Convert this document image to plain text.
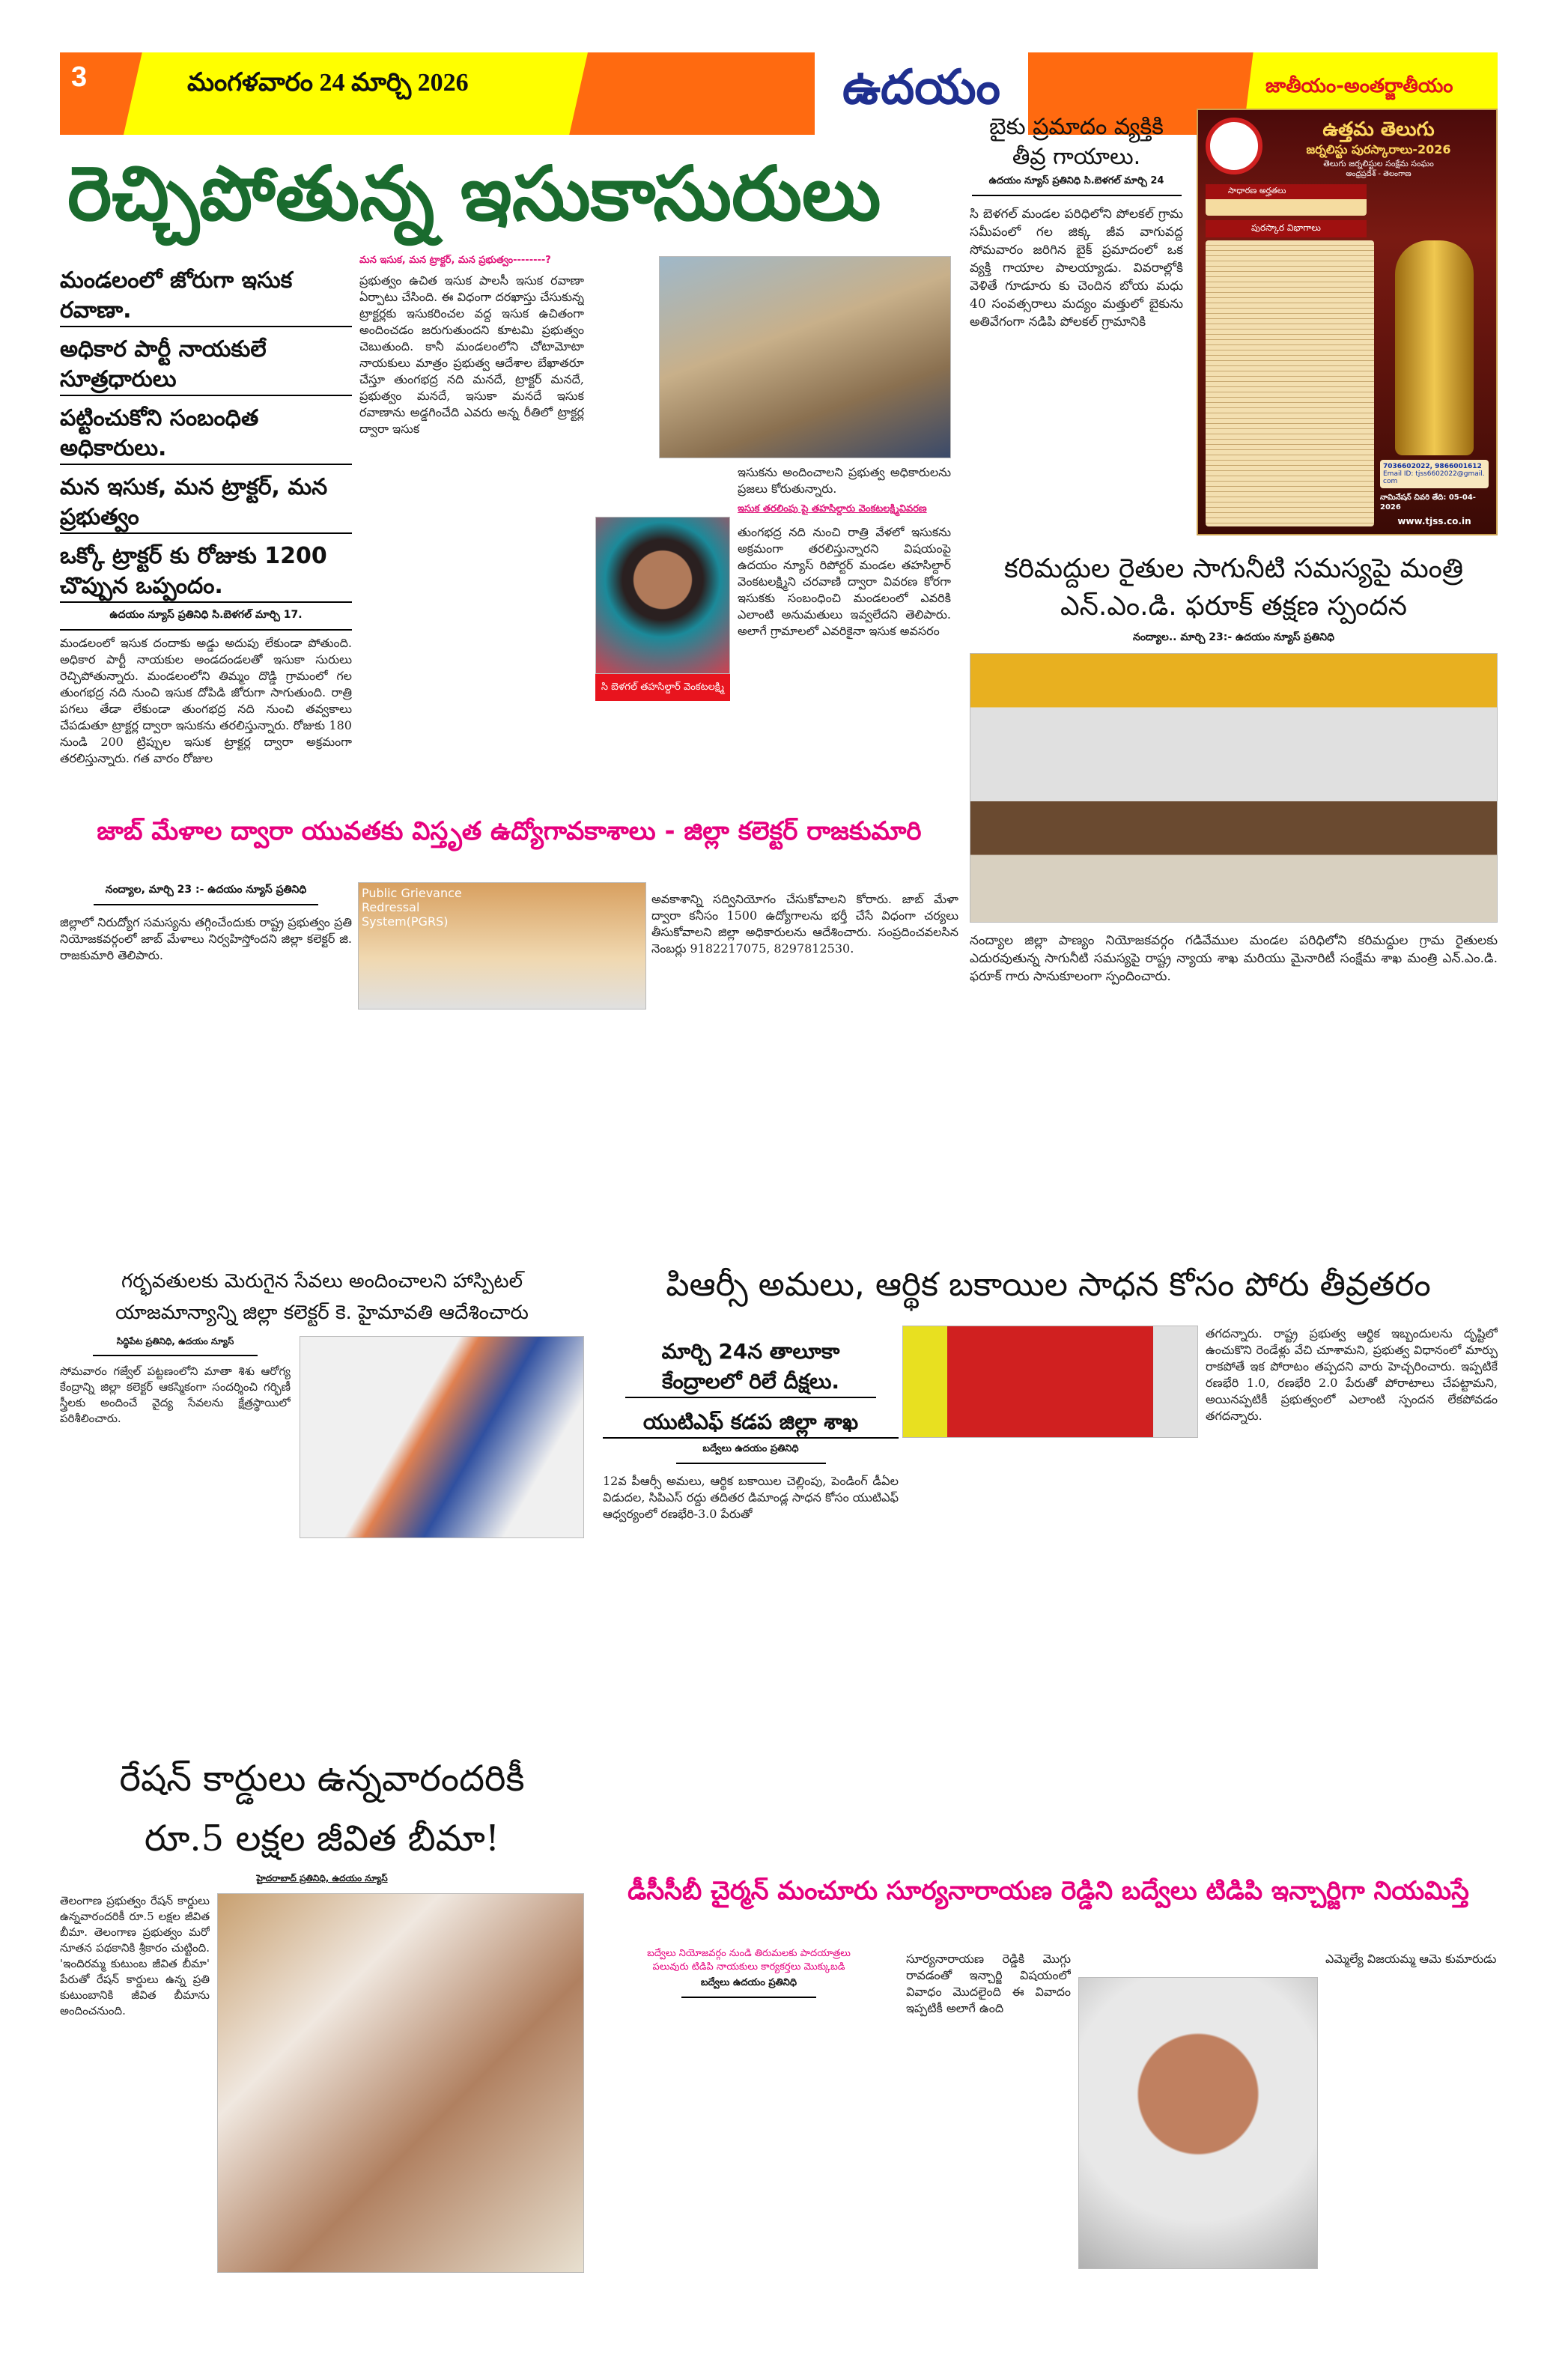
3	మంగళవారం 24 మార్చి 2026	ఉదయం	జాతీయం-అంతర్జాతీయం
రెచ్చిపోతున్న ఇసుకాసురులు
మండలంలో జోరుగా ఇసుక రవాణా.
అధికార పార్టీ నాయకులే సూత్రధారులు
పట్టించుకోని సంబంధిత అధికారులు.
మన ఇసుక, మన ట్రాక్టర్, మన ప్రభుత్వం
ఒక్కో ట్రాక్టర్ కు రోజుకు 1200 చొప్పున ఒప్పందం.
ఉదయం న్యూస్ ప్రతినిధి సి.బెళగల్ మార్చి 17.
మండలంలో ఇసుక దందాకు అడ్డు అదుపు లేకుండా పోతుంది. అధికార పార్టీ నాయకుల అండదండలతో ఇసుకా సురులు రెచ్చిపోతున్నారు. మండలంలోని తిమ్మం దొడ్డి గ్రామంలో గల తుంగభద్ర నది నుంచి ఇసుక దోపిడి జోరుగా సాగుతుంది. రాత్రి పగలు తేడా లేకుండా తుంగభద్ర నది నుంచి తవ్వకాలు చేపడుతూ ట్రాక్టర్ల ద్వారా ఇసుకను తరలిస్తున్నారు. రోజుకు 180 నుండి 200 ట్రిప్పుల ఇసుక ట్రాక్టర్ల ద్వారా అక్రమంగా తరలిస్తున్నారు. గత వారం రోజుల
మన ఇసుక, మన ట్రాక్టర్, మన ప్రభుత్వం--------?
ప్రభుత్వం ఉచిత ఇసుక పాలసీ ఇసుక రవాణా ఏర్పాటు చేసింది. ఈ విధంగా దరఖాస్తు చేసుకున్న ట్రాక్టర్లకు ఇసుకరించల వద్ద ఇసుక ఉచితంగా అందించడం జరుగుతుందని కూటమి ప్రభుత్వం చెబుతుంది. కానీ మండలంలోని చోటామోటా నాయకులు మాత్రం ప్రభుత్వ ఆదేశాల బేఖాతరూ చేస్తూ తుంగభద్ర నది మనదే, ట్రాక్టర్ మనదే, ప్రభుత్వం మనదే, ఇసుకా మనదే ఇసుక రవాణాను అడ్డగించేది ఎవరు అన్న రీతిలో ట్రాక్టర్ల ద్వారా ఇసుక
సి బెళగల్ తహసిల్దార్ వెంకటలక్ష్మి
ఇసుకను అందించాలని ప్రభుత్వ అధికారులను ప్రజలు కోరుతున్నారు.
ఇసుక తరలింపు పై తహసిల్దారు వెంకటలక్ష్మివివరణ
తుంగభద్ర నది నుంచి రాత్రి వేళలో ఇసుకను అక్రమంగా తరలిస్తున్నారని విషయంపై ఉదయం న్యూస్ రిపోర్టర్ మండల తహసిల్దార్ వెంకటలక్ష్మిని చరవాణి ద్వారా వివరణ కోరగా ఇసుకకు సంబంధించి మండలంలో ఎవరికి ఎలాంటి అనుమతులు ఇవ్వలేదని తెలిపారు. అలాగే గ్రామాలలో ఎవరికైనా ఇసుక అవసరం
బైకు ప్రమాదం వ్యక్తికి తీవ్ర గాయాలు.
ఉదయం న్యూస్ ప్రతినిధి సి.బెళగల్ మార్చి 24
సి బెళగల్ మండల పరిధిలోని పోలకల్ గ్రామ సమీపంలో గల జిక్క జీవ వాగువద్ద సోమవారం జరిగిన బైక్ ప్రమాదంలో ఒక వ్యక్తి గాయాల పాలయ్యాడు. వివరాల్లోకి వెళితే గూడూరు కు చెందిన బోయ మధు 40 సంవత్సరాలు మద్యం మత్తులో బైకును అతివేగంగా నడిపి పోలకల్ గ్రామానికి
ఉత్తమ తెలుగు
జర్నలిస్టు పురస్కారాలు-2026
తెలుగు జర్నలిస్టుల సంక్షేమ సంఘం
ఆంధ్రప్రదేశ్ - తెలంగాణ
సాధారణ అర్హతలు
పురస్కార విభాగాలు
7036602022, 9866001612
Email ID: tjss6602022@gmail.com
నామినేషన్ చివరి తేది: 05-04-2026
www.tjss.co.in
కరిమద్దుల రైతుల సాగునీటి సమస్యపై మంత్రి ఎన్.ఎం.డి. ఫరూక్ తక్షణ స్పందన
నంద్యాల.. మార్చి 23:- ఉదయం న్యూస్ ప్రతినిధి
నంద్యాల జిల్లా పాణ్యం నియోజకవర్గం గడివేముల మండల పరిధిలోని కరిమద్దుల గ్రామ రైతులకు ఎదురవుతున్న సాగునీటి సమస్యపై రాష్ట్ర న్యాయ శాఖ మరియు మైనారిటీ సంక్షేమ శాఖ మంత్రి ఎన్.ఎం.డి. ఫరూక్ గారు సానుకూలంగా స్పందించారు.
జాబ్ మేళాల ద్వారా యువతకు విస్తృత ఉద్యోగావకాశాలు - జిల్లా కలెక్టర్ రాజకుమారి
నంద్యాల, మార్చి 23 :- ఉదయం న్యూస్ ప్రతినిధి
జిల్లాలో నిరుద్యోగ సమస్యను తగ్గించేందుకు రాష్ట్ర ప్రభుత్వం ప్రతి నియోజకవర్గంలో జాబ్ మేళాలు నిర్వహిస్తోందని జిల్లా కలెక్టర్ జి. రాజకుమారి తెలిపారు.
Public Grievance Redressal System(PGRS)
అవకాశాన్ని సద్వినియోగం చేసుకోవాలని కోరారు. జాబ్ మేళా ద్వారా కనీసం 1500 ఉద్యోగాలను భర్తీ చేసే విధంగా చర్యలు తీసుకోవాలని జిల్లా అధికారులను ఆదేశించారు. సంప్రదించవలసిన నెంబర్లు 9182217075, 8297812530.
గర్భవతులకు మెరుగైన సేవలు అందించాలని హాస్పిటల్ యాజమాన్యాన్ని జిల్లా కలెక్టర్ కె. హైమావతి ఆదేశించారు
సిద్ధిపేట ప్రతినిధి, ఉదయం న్యూస్
సోమవారం గజ్వేల్ పట్టణంలోని మాతా శిశు ఆరోగ్య కేంద్రాన్ని జిల్లా కలెక్టర్ ఆకస్మికంగా సందర్శించి గర్భిణీ స్త్రీలకు అందించే వైద్య సేవలను క్షేత్రస్థాయిలో పరిశీలించారు.
పిఆర్సీ అమలు, ఆర్థిక బకాయిల సాధన కోసం పోరు తీవ్రతరం
మార్చి 24న తాలూకా కేంద్రాలలో రిలే దీక్షలు.
యుటిఎఫ్ కడప జిల్లా శాఖ
బద్వేలు ఉదయం ప్రతినిధి
12వ పీఆర్సీ అమలు, ఆర్థిక బకాయిల చెల్లింపు, పెండింగ్ డీఏల విడుదల, సిపిఎస్ రద్దు తదితర డిమాండ్ల సాధన కోసం యుటిఎఫ్ ఆధ్వర్యంలో రణభేరి-3.0 పేరుతో
తగదన్నారు. రాష్ట్ర ప్రభుత్వ ఆర్థిక ఇబ్బందులను దృష్టిలో ఉంచుకొని రెండేళ్లు వేచి చూశామని, ప్రభుత్వ విధానంలో మార్పు రాకపోతే ఇక పోరాటం తప్పదని వారు హెచ్చరించారు. ఇప్పటికే రణభేరి 1.0, రణభేరి 2.0 పేరుతో పోరాటాలు చేపట్టామని, అయినప్పటికీ ప్రభుత్వంలో ఎలాంటి స్పందన లేకపోవడం తగదన్నారు.
రేషన్ కార్డులు ఉన్నవారందరికీ రూ.5 లక్షల జీవిత బీమా!
హైదరాబాద్ ప్రతినిధి, ఉదయం న్యూస్
తెలంగాణ ప్రభుత్వం రేషన్ కార్డులు ఉన్నవారందరికీ రూ.5 లక్షల జీవిత బీమా. తెలంగాణ ప్రభుత్వం మరో నూతన పథకానికి శ్రీకారం చుట్టింది. 'ఇందిరమ్మ కుటుంబ జీవిత బీమా' పేరుతో రేషన్ కార్డులు ఉన్న ప్రతి కుటుంబానికి జీవిత బీమాను అందించనుంది.
డీసీసీబీ చైర్మన్ మంచూరు సూర్యనారాయణ రెడ్డిని బద్వేలు టిడిపి ఇన్చార్జిగా నియమిస్తే
బద్వేలు నియోజవర్గం నుండి తిరుమలకు పాదయాత్రలు
పలువురు టిడిపి నాయకులు కార్యకర్తలు మొక్కుబడి
బద్వేలు ఉదయం ప్రతినిధి
సూర్యనారాయణ రెడ్డికి మొగ్గు రావడంతో ఇన్చార్జి విషయంలో వివాధం మొదలైంది ఈ వివాదం ఇప్పటికీ అలాగే ఉంది
ఎమ్మెల్యే విజయమ్మ ఆమె కుమారుడు
